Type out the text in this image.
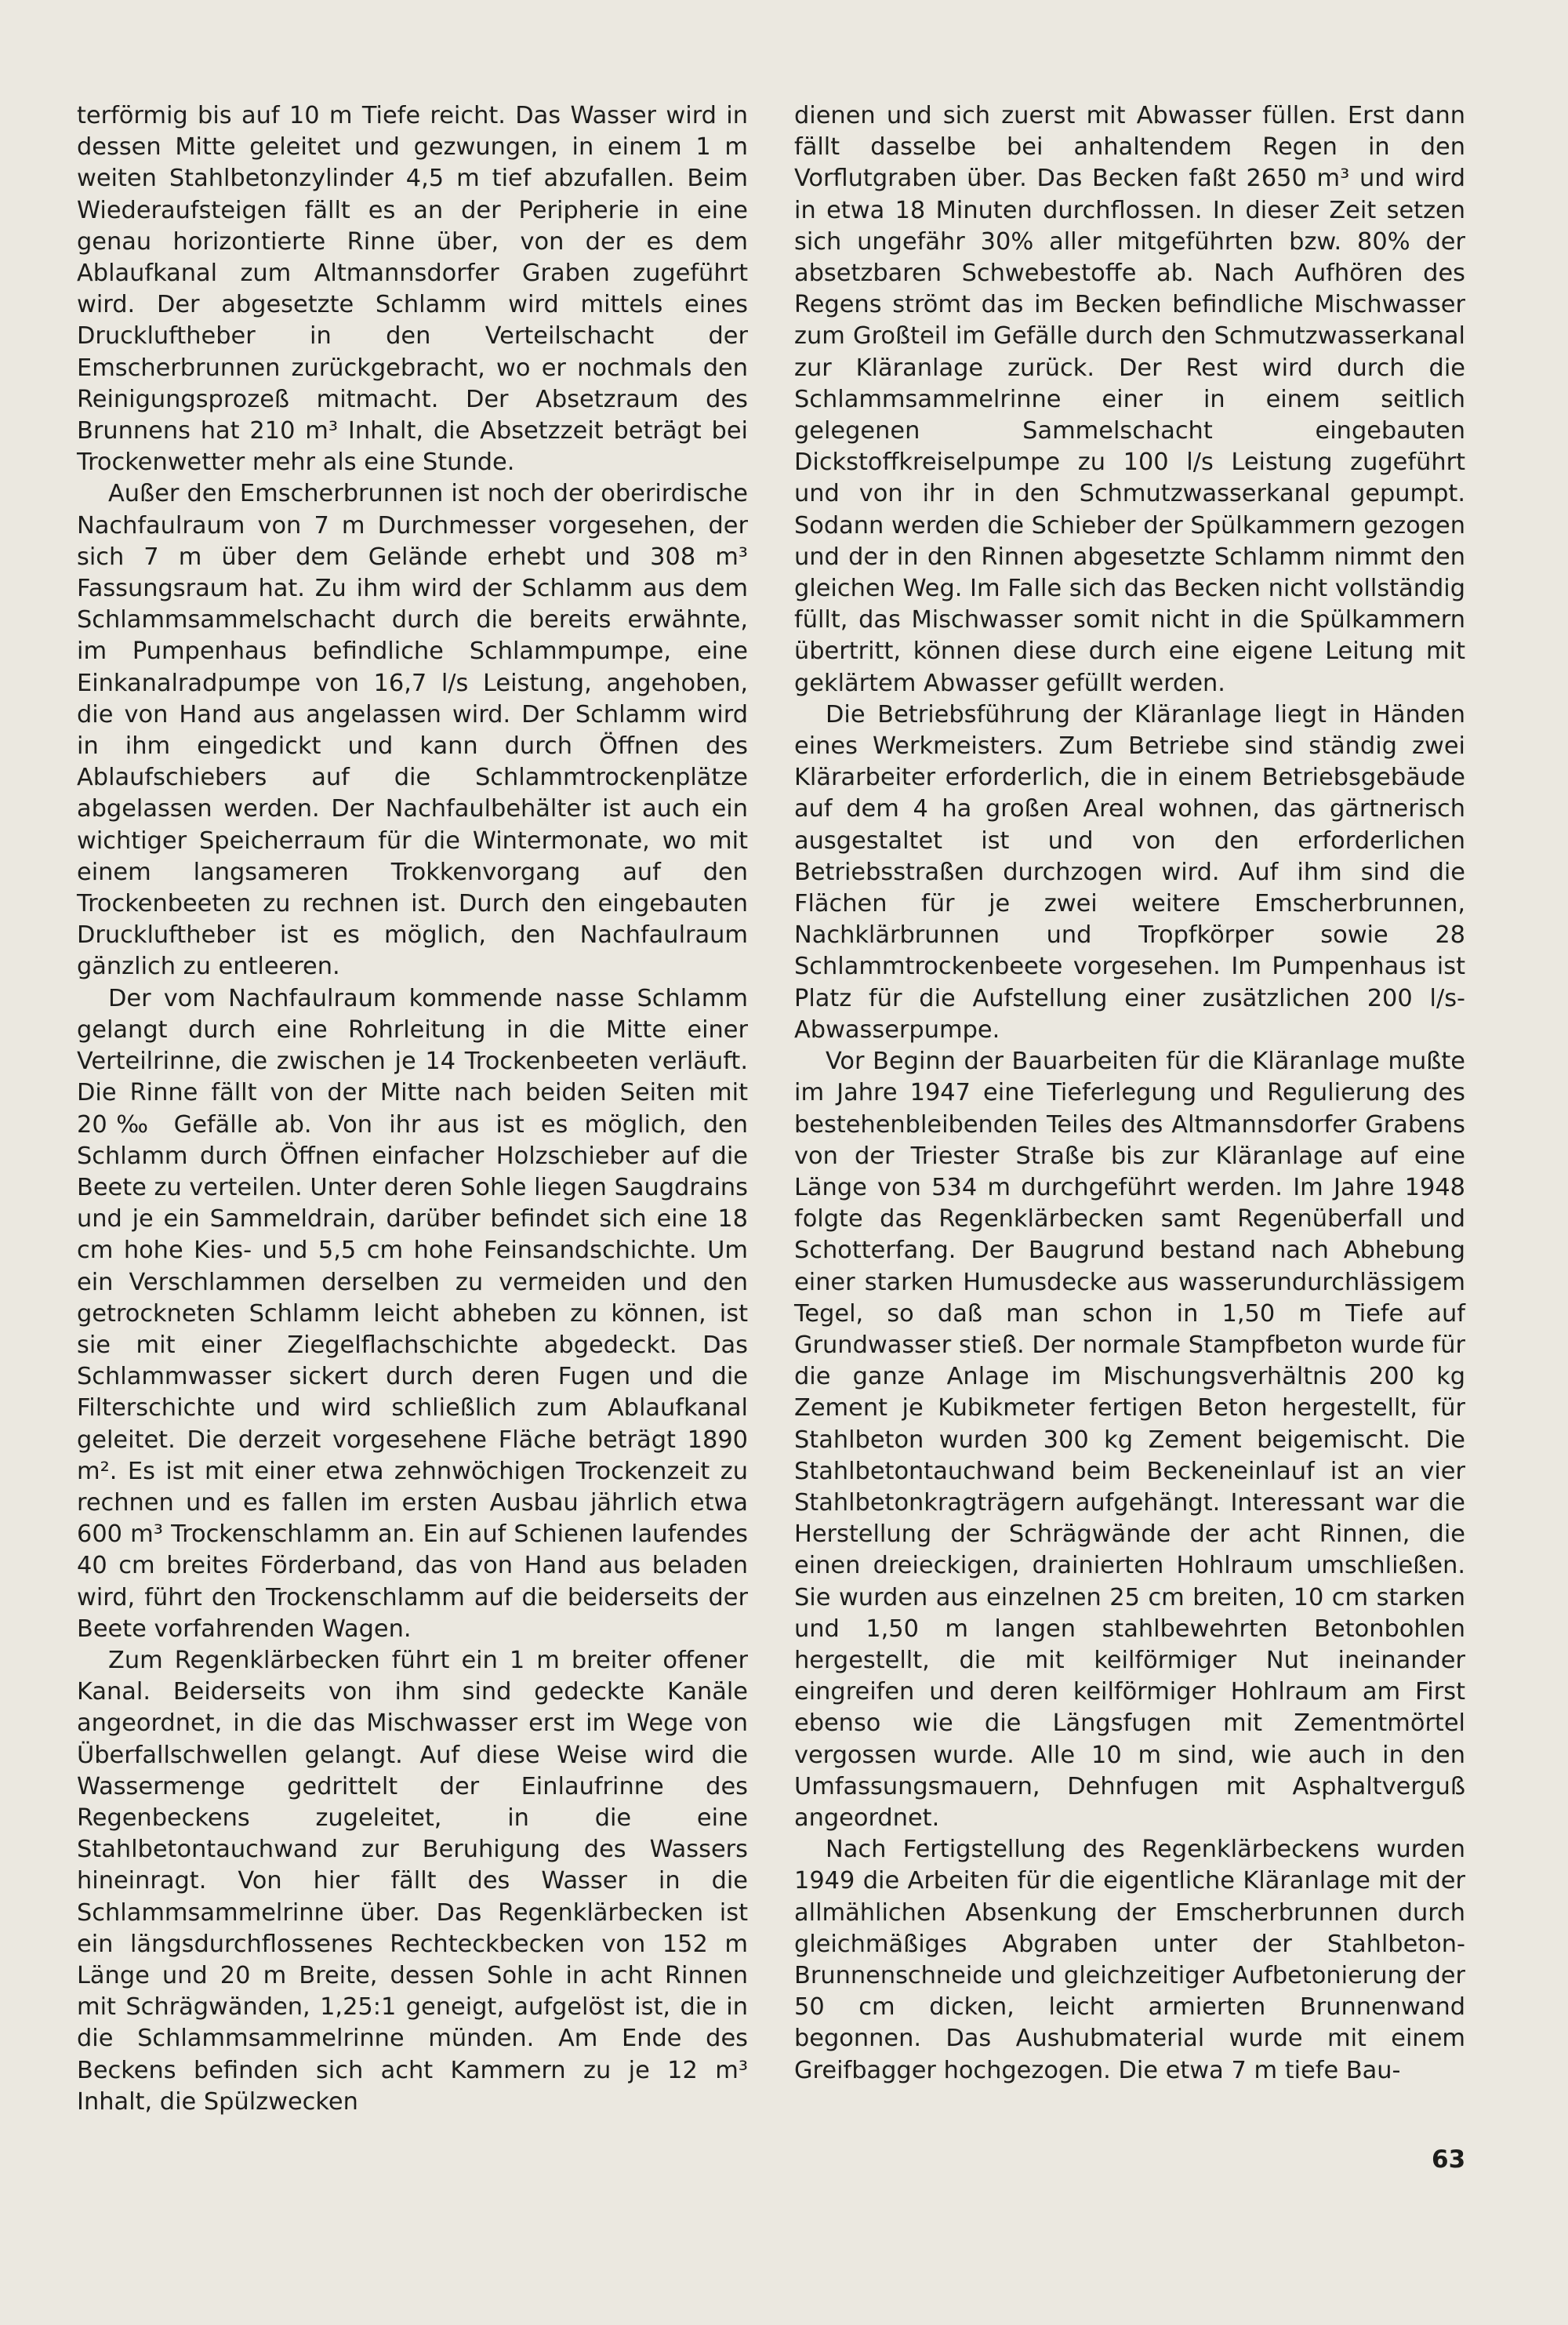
terförmig bis auf 10 m Tiefe reicht. Das Wasser wird in dessen Mitte geleitet und gezwungen, in einem 1 m weiten Stahlbetonzylinder 4,5 m tief abzufallen. Beim Wiederaufsteigen fällt es an der Peripherie in eine genau horizontierte Rinne über, von der es dem Ablaufkanal zum Altmannsdorfer Graben zugeführt wird. Der abgesetzte Schlamm wird mittels eines Druckluftheber in den Verteilschacht der Emscherbrunnen zurückgebracht, wo er nochmals den Reinigungsprozeß mitmacht. Der Absetzraum des Brunnens hat 210 m³ Inhalt, die Absetzzeit beträgt bei Trockenwetter mehr als eine Stunde.

Außer den Emscherbrunnen ist noch der oberirdische Nachfaulraum von 7 m Durchmesser vorgesehen, der sich 7 m über dem Gelände erhebt und 308 m³ Fassungsraum hat. Zu ihm wird der Schlamm aus dem Schlammsammelschacht durch die bereits erwähnte, im Pumpenhaus befindliche Schlammpumpe, eine Einkanalradpumpe von 16,7 l/s Leistung, angehoben, die von Hand aus angelassen wird. Der Schlamm wird in ihm eingedickt und kann durch Öffnen des Ablaufschiebers auf die Schlammtrockenplätze abgelassen werden. Der Nachfaulbehälter ist auch ein wichtiger Speicherraum für die Wintermonate, wo mit einem langsameren Trokkenvorgang auf den Trockenbeeten zu rechnen ist. Durch den eingebauten Druckluftheber ist es möglich, den Nachfaulraum gänzlich zu entleeren.

Der vom Nachfaulraum kommende nasse Schlamm gelangt durch eine Rohrleitung in die Mitte einer Verteilrinne, die zwischen je 14 Trockenbeeten verläuft. Die Rinne fällt von der Mitte nach beiden Seiten mit 20‰ Gefälle ab. Von ihr aus ist es möglich, den Schlamm durch Öffnen einfacher Holzschieber auf die Beete zu verteilen. Unter deren Sohle liegen Saugdrains und je ein Sammeldrain, darüber befindet sich eine 18 cm hohe Kies- und 5,5 cm hohe Feinsandschichte. Um ein Verschlammen derselben zu vermeiden und den getrockneten Schlamm leicht abheben zu können, ist sie mit einer Ziegelflachschichte abgedeckt. Das Schlammwasser sickert durch deren Fugen und die Filterschichte und wird schließlich zum Ablaufkanal geleitet. Die derzeit vorgesehene Fläche beträgt 1890 m². Es ist mit einer etwa zehnwöchigen Trockenzeit zu rechnen und es fallen im ersten Ausbau jährlich etwa 600 m³ Trockenschlamm an. Ein auf Schienen laufendes 40 cm breites Förderband, das von Hand aus beladen wird, führt den Trockenschlamm auf die beiderseits der Beete vorfahrenden Wagen.

Zum Regenklärbecken führt ein 1 m breiter offener Kanal. Beiderseits von ihm sind gedeckte Kanäle angeordnet, in die das Mischwasser erst im Wege von Überfallschwellen gelangt. Auf diese Weise wird die Wassermenge gedrittelt der Einlaufrinne des Regenbeckens zugeleitet, in die eine Stahlbetontauchwand zur Beruhigung des Wassers hineinragt. Von hier fällt des Wasser in die Schlammsammelrinne über. Das Regenklärbecken ist ein längsdurchflossenes Rechteckbecken von 152 m Länge und 20 m Breite, dessen Sohle in acht Rinnen mit Schrägwänden, 1,25:1 geneigt, aufgelöst ist, die in die Schlammsammelrinne münden. Am Ende des Beckens befinden sich acht Kammern zu je 12 m³ Inhalt, die Spülzwecken

dienen und sich zuerst mit Abwasser füllen. Erst dann fällt dasselbe bei anhaltendem Regen in den Vorflutgraben über. Das Becken faßt 2650 m³ und wird in etwa 18 Minuten durchflossen. In dieser Zeit setzen sich ungefähr 30% aller mitgeführten bzw. 80% der absetzbaren Schwebestoffe ab. Nach Aufhören des Regens strömt das im Becken befindliche Mischwasser zum Großteil im Gefälle durch den Schmutzwasserkanal zur Kläranlage zurück. Der Rest wird durch die Schlammsammelrinne einer in einem seitlich gelegenen Sammelschacht eingebauten Dickstoffkreiselpumpe zu 100 l/s Leistung zugeführt und von ihr in den Schmutzwasserkanal gepumpt. Sodann werden die Schieber der Spülkammern gezogen und der in den Rinnen abgesetzte Schlamm nimmt den gleichen Weg. Im Falle sich das Becken nicht vollständig füllt, das Mischwasser somit nicht in die Spülkammern übertritt, können diese durch eine eigene Leitung mit geklärtem Abwasser gefüllt werden.

Die Betriebsführung der Kläranlage liegt in Händen eines Werkmeisters. Zum Betriebe sind ständig zwei Klärarbeiter erforderlich, die in einem Betriebsgebäude auf dem 4 ha großen Areal wohnen, das gärtnerisch ausgestaltet ist und von den erforderlichen Betriebsstraßen durchzogen wird. Auf ihm sind die Flächen für je zwei weitere Emscherbrunnen, Nachklärbrunnen und Tropfkörper sowie 28 Schlammtrockenbeete vorgesehen. Im Pumpenhaus ist Platz für die Aufstellung einer zusätzlichen 200 l/s-Abwasserpumpe.

Vor Beginn der Bauarbeiten für die Kläranlage mußte im Jahre 1947 eine Tieferlegung und Regulierung des bestehenbleibenden Teiles des Altmannsdorfer Grabens von der Triester Straße bis zur Kläranlage auf eine Länge von 534 m durchgeführt werden. Im Jahre 1948 folgte das Regenklärbecken samt Regenüberfall und Schotterfang. Der Baugrund bestand nach Abhebung einer starken Humusdecke aus wasserundurchlässigem Tegel, so daß man schon in 1,50 m Tiefe auf Grundwasser stieß. Der normale Stampfbeton wurde für die ganze Anlage im Mischungsverhältnis 200 kg Zement je Kubikmeter fertigen Beton hergestellt, für Stahlbeton wurden 300 kg Zement beigemischt. Die Stahlbetontauchwand beim Beckeneinlauf ist an vier Stahlbetonkragträgern aufgehängt. Interessant war die Herstellung der Schrägwände der acht Rinnen, die einen dreieckigen, drainierten Hohlraum umschließen. Sie wurden aus einzelnen 25 cm breiten, 10 cm starken und 1,50 m langen stahlbewehrten Betonbohlen hergestellt, die mit keilförmiger Nut ineinander eingreifen und deren keilförmiger Hohlraum am First ebenso wie die Längsfugen mit Zementmörtel vergossen wurde. Alle 10 m sind, wie auch in den Umfassungsmauern, Dehnfugen mit Asphaltverguß angeordnet.

Nach Fertigstellung des Regenklärbeckens wurden 1949 die Arbeiten für die eigentliche Kläranlage mit der allmählichen Absenkung der Emscherbrunnen durch gleichmäßiges Abgraben unter der Stahlbeton-Brunnenschneide und gleichzeitiger Aufbetonierung der 50 cm dicken, leicht armierten Brunnenwand begonnen. Das Aushubmaterial wurde mit einem Greifbagger hochgezogen. Die etwa 7 m tiefe Bau-

63
